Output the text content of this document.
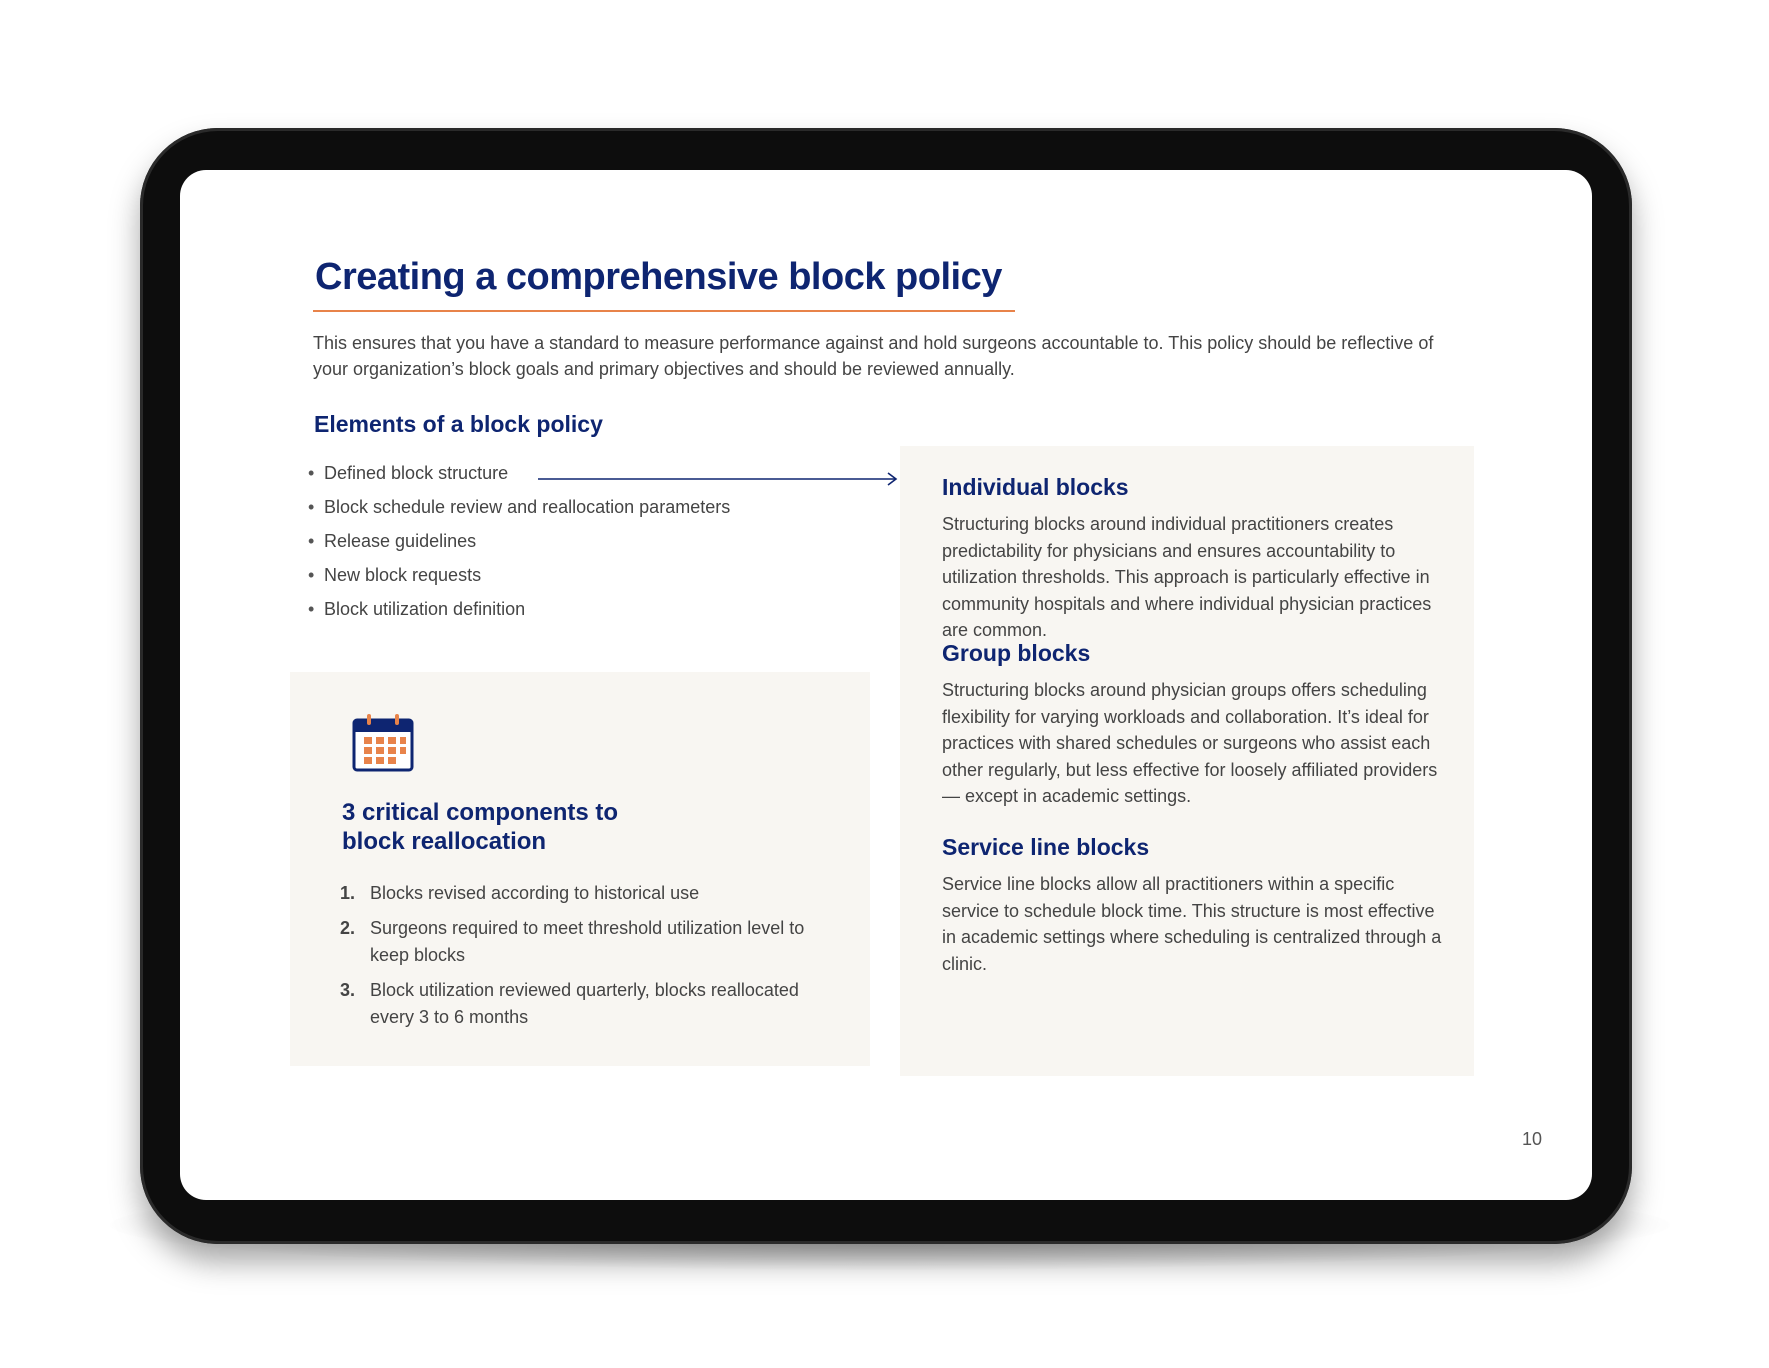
Creating a comprehensive block policy

This ensures that you have a standard to measure performance against and hold surgeons accountable to. This policy should be reflective of your organization’s block goals and primary objectives and should be reviewed annually.

Elements of a block policy
• Defined block structure
• Block schedule review and reallocation parameters
• Release guidelines
• New block requests
• Block utilization definition
3 critical components to
block reallocation
1. Blocks revised according to historical use
2. Surgeons required to meet threshold utilization level to keep blocks
3. Block utilization reviewed quarterly, blocks reallocated every 3 to 6 months
Individual blocks

Structuring blocks around individual practitioners creates predictability for physicians and ensures accountability to utilization thresholds. This approach is particularly effective in community hospitals and where individual physician practices are common.

Group blocks

Structuring blocks around physician groups offers scheduling flexibility for varying workloads and collaboration. It’s ideal for practices with shared schedules or surgeons who assist each other regularly, but less effective for loosely affiliated providers — except in academic settings.

Service line blocks

Service line blocks allow all practitioners within a specific service to schedule block time. This structure is most effective in academic settings where scheduling is centralized through a clinic.

10
